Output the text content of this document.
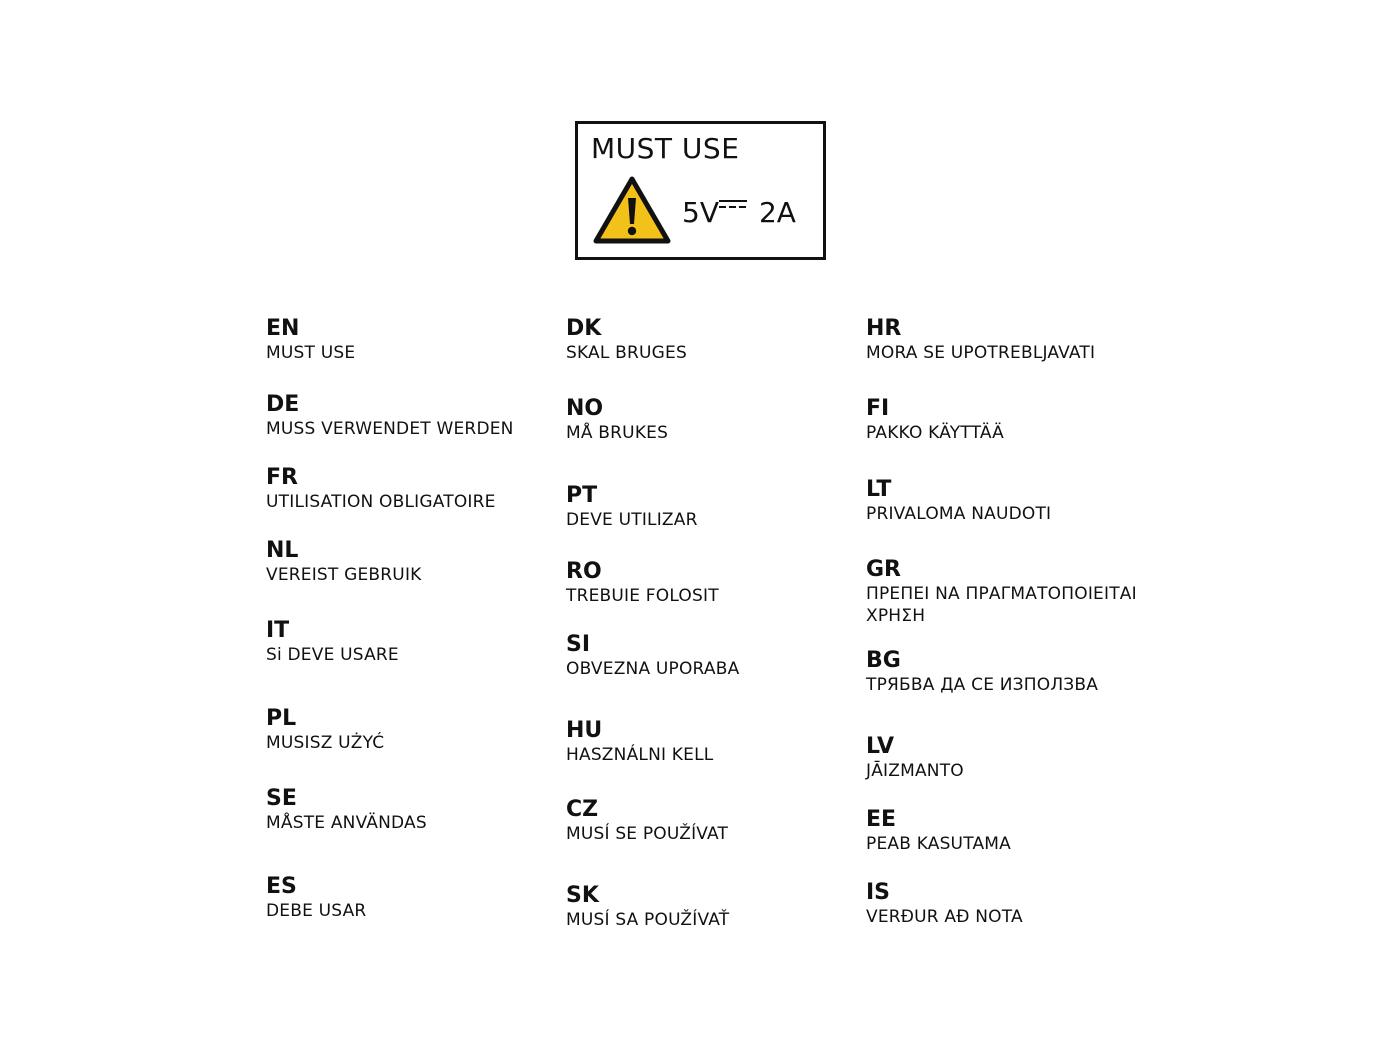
MUST USE
5V 2A
EN
MUST USE
DE
MUSS VERWENDET WERDEN
FR
UTILISATION OBLIGATOIRE
NL
VEREIST GEBRUIK
IT
Si DEVE USARE
PL
MUSISZ UŻYĆ
SE
MÅSTE ANVÄNDAS
ES
DEBE USAR
DK
SKAL BRUGES
NO
MÅ BRUKES
PT
DEVE UTILIZAR
RO
TREBUIE FOLOSIT
SI
OBVEZNA UPORABA
HU
HASZNÁLNI KELL
CZ
MUSÍ SE POUŽÍVAT
SK
MUSÍ SA POUŽÍVAŤ
HR
MORA SE UPOTREBLJAVATI
FI
PAKKO KÄYTTÄÄ
LT
PRIVALOMA NAUDOTI
GR
ΠΡΕΠΕΙ ΝΑ ΠΡΑΓΜΑΤΟΠΟΙΕΙΤΑΙ ΧΡΗΣΗ
BG
ТРЯБВА ДА СЕ ИЗПОЛЗВА
LV
JĀIZMANTO
EE
PEAB KASUTAMA
IS
VERÐUR AÐ NOTA
